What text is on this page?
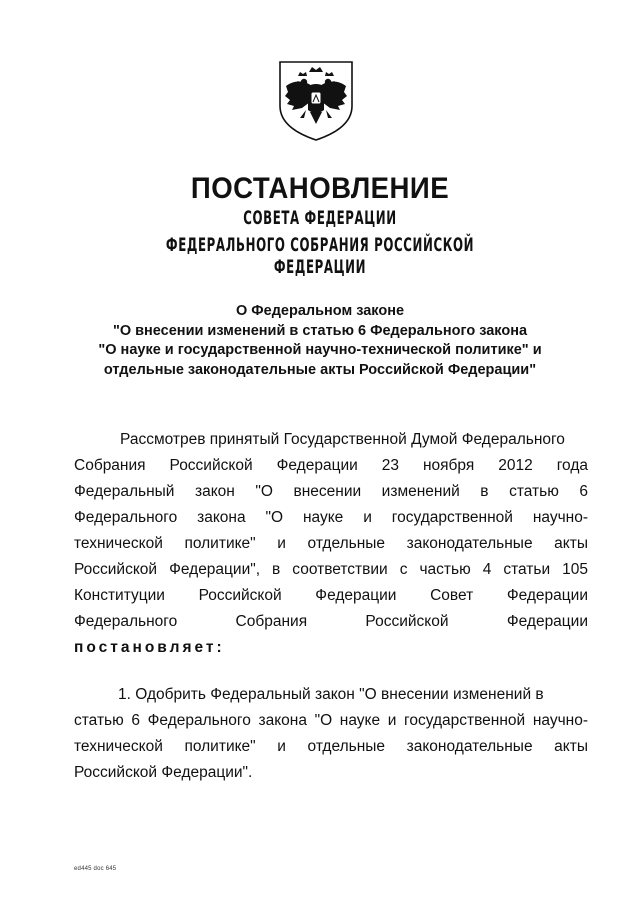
ПОСТАНОВЛЕНИЕ
СОВЕТА ФЕДЕРАЦИИ
ФЕДЕРАЛЬНОГО СОБРАНИЯ РОССИЙСКОЙ ФЕДЕРАЦИИ
О Федеральном законе
"О внесении изменений в статью 6 Федерального закона
"О науке и государственной научно-технической политике" и
отдельные законодательные акты Российской Федерации"
Рассмотрев принятый Государственной Думой Федерального
Собрания Российской Федерации 23 ноября 2012 года
Федеральный закон "О внесении изменений в статью 6
Федерального закона "О науке и государственной научно-
технической политике" и отдельные законодательные акты
Российской Федерации", в соответствии с частью 4 статьи 105
Конституции Российской Федерации Совет Федерации
Федерального Собрания Российской Федерации
постановляет:
1. Одобрить Федеральный закон "О внесении изменений в
статью 6 Федерального закона "О науке и государственной научно-
технической политике" и отдельные законодательные акты
Российской Федерации".
ed445 doc 645
